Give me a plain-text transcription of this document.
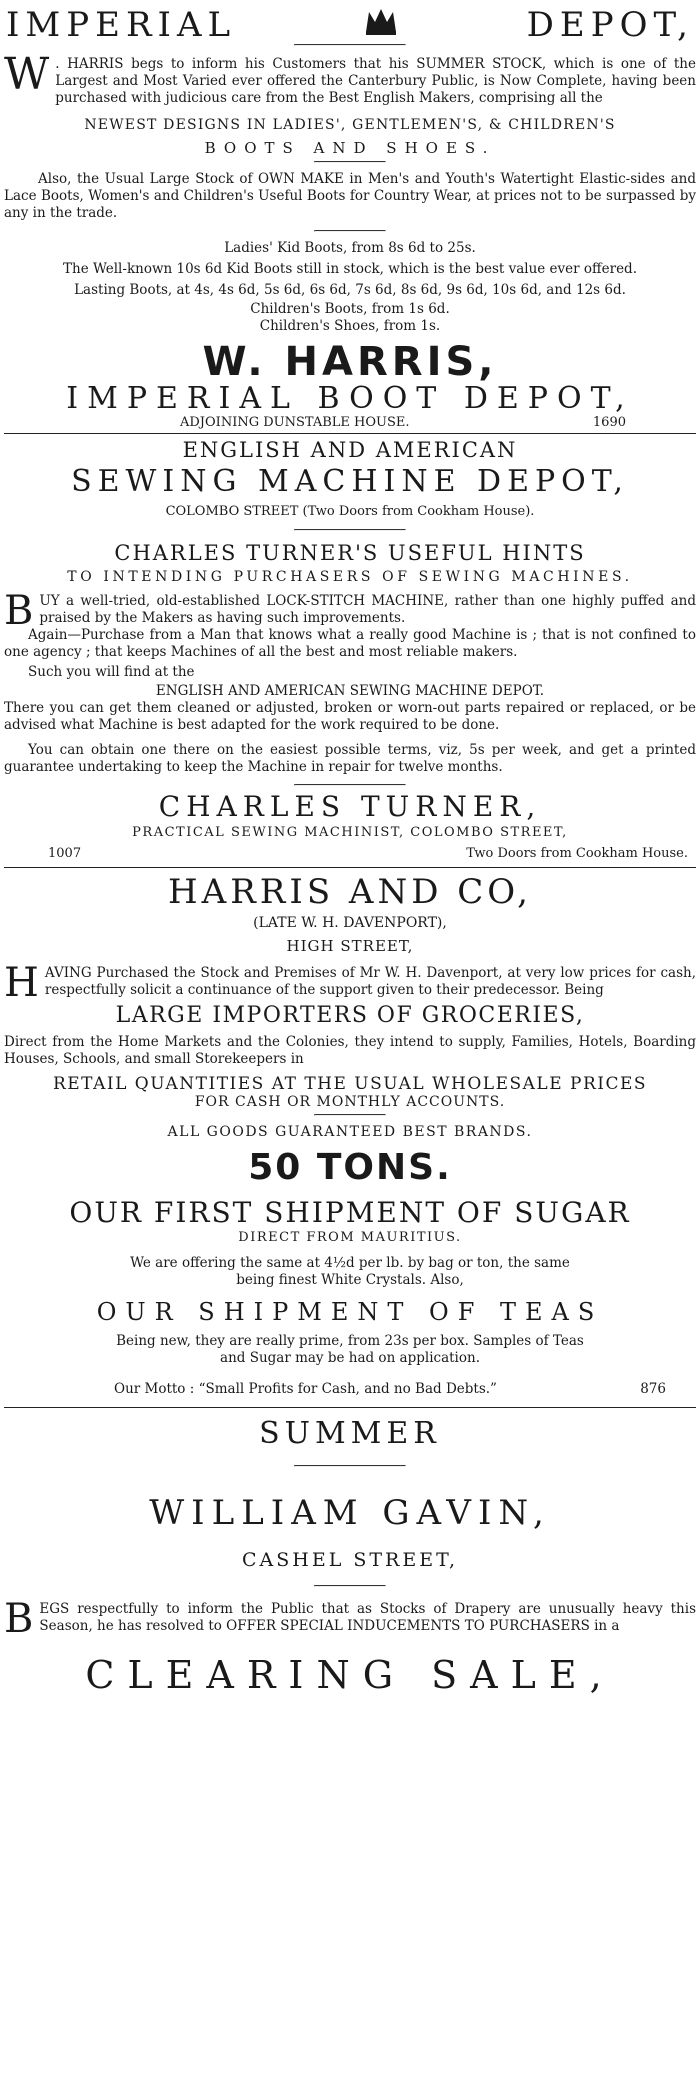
IMPERIAL	DEPOT,
W . HARRIS begs to inform his Customers that his SUMMER STOCK, which is one of the Largest and Most Varied ever offered the Canterbury Public, is Now Complete, having been purchased with judicious care from the Best English Makers, comprising all the

NEWEST DESIGNS IN LADIES', GENTLEMEN'S, & CHILDREN'S

BOOTS AND SHOES.

Also, the Usual Large Stock of OWN MAKE in Men's and Youth's Watertight Elastic-sides and Lace Boots, Women's and Children's Useful Boots for Country Wear, at prices not to be surpassed by any in the trade.

Ladies' Kid Boots, from 8s 6d to 25s.

The Well-known 10s 6d Kid Boots still in stock, which is the best value ever offered.

Lasting Boots, at 4s, 4s 6d, 5s 6d, 6s 6d, 7s 6d, 8s 6d, 9s 6d, 10s 6d, and 12s 6d.

Children's Boots, from 1s 6d.

Children's Shoes, from 1s.

W. HARRIS,

IMPERIAL BOOT DEPOT,

ADJOINING DUNSTABLE HOUSE.	1690

ENGLISH AND AMERICAN

SEWING MACHINE DEPOT,

COLOMBO STREET (Two Doors from Cookham House).

CHARLES TURNER'S USEFUL HINTS

TO INTENDING PURCHASERS OF SEWING MACHINES.

B UY a well-tried, old-established LOCK-STITCH MACHINE, rather than one highly puffed and praised by the Makers as having such improvements.

Again—Purchase from a Man that knows what a really good Machine is ; that is not confined to one agency ; that keeps Machines of all the best and most reliable makers.

Such you will find at the

ENGLISH AND AMERICAN SEWING MACHINE DEPOT.

There you can get them cleaned or adjusted, broken or worn-out parts repaired or replaced, or be advised what Machine is best adapted for the work required to be done.

You can obtain one there on the easiest possible terms, viz, 5s per week, and get a printed guarantee undertaking to keep the Machine in repair for twelve months.

CHARLES TURNER,

PRACTICAL SEWING MACHINIST, COLOMBO STREET,

1007	Two Doors from Cookham House.

HARRIS AND CO,

(LATE W. H. DAVENPORT),

HIGH STREET,

H AVING Purchased the Stock and Premises of Mr W. H. Davenport, at very low prices for cash, respectfully solicit a continuance of the support given to their predecessor. Being

LARGE IMPORTERS OF GROCERIES,

Direct from the Home Markets and the Colonies, they intend to supply, Families, Hotels, Boarding Houses, Schools, and small Storekeepers in

RETAIL QUANTITIES AT THE USUAL WHOLESALE PRICES

FOR CASH OR MONTHLY ACCOUNTS.

ALL GOODS GUARANTEED BEST BRANDS.

50 TONS.

OUR FIRST SHIPMENT OF SUGAR

DIRECT FROM MAURITIUS.

We are offering the same at 4½d per lb. by bag or ton, the same being finest White Crystals. Also,

OUR SHIPMENT OF TEAS

Being new, they are really prime, from 23s per box. Samples of Teas and Sugar may be had on application.

Our Motto : “Small Profits for Cash, and no Bad Debts.”	876

SUMMER

WILLIAM GAVIN,

CASHEL STREET,

B EGS respectfully to inform the Public that as Stocks of Drapery are unusually heavy this Season, he has resolved to OFFER SPECIAL INDUCEMENTS TO PURCHASERS in a

CLEARING SALE,
